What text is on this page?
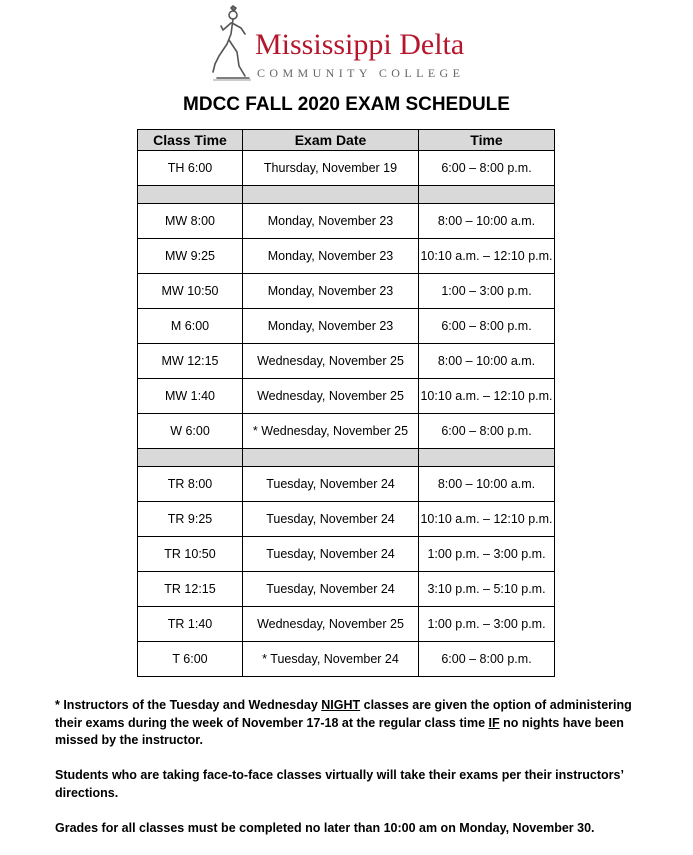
Mississippi Delta
COMMUNITY COLLEGE
MDCC FALL 2020 EXAM SCHEDULE
Class Time	Exam Date	Time
TH 6:00	Thursday, November 19	6:00 – 8:00 p.m.

MW 8:00	Monday, November 23	8:00 – 10:00 a.m.
MW 9:25	Monday, November 23	10:10 a.m. – 12:10 p.m.
MW 10:50	Monday, November 23	1:00 – 3:00 p.m.
M 6:00	Monday, November 23	6:00 – 8:00 p.m.
MW 12:15	Wednesday, November 25	8:00 – 10:00 a.m.
MW 1:40	Wednesday, November 25	10:10 a.m. – 12:10 p.m.
W 6:00	* Wednesday, November 25	6:00 – 8:00 p.m.

TR 8:00	Tuesday, November 24	8:00 – 10:00 a.m.
TR 9:25	Tuesday, November 24	10:10 a.m. – 12:10 p.m.
TR 10:50	Tuesday, November 24	1:00 p.m. – 3:00 p.m.
TR 12:15	Tuesday, November 24	3:10 p.m. – 5:10 p.m.
TR 1:40	Wednesday, November 25	1:00 p.m. – 3:00 p.m.
T 6:00	* Tuesday, November 24	6:00 – 8:00 p.m.

* Instructors of the Tuesday and Wednesday NIGHT classes are given the option of administering their exams during the week of November 17-18 at the regular class time IF no nights have been missed by the instructor.

Students who are taking face-to-face classes virtually will take their exams per their instructors’ directions.

Grades for all classes must be completed no later than 10:00 am on Monday, November 30.
